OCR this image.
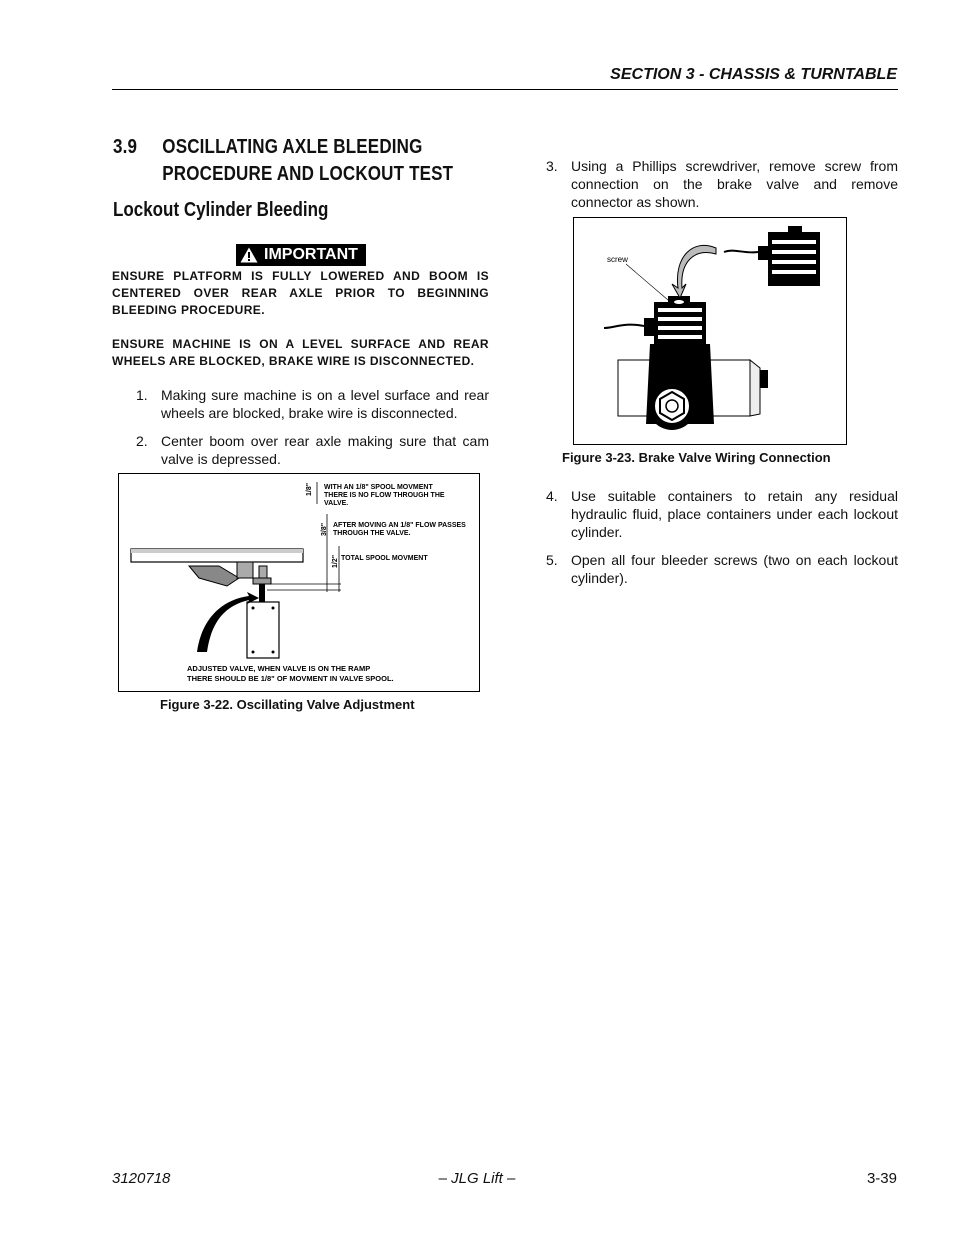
SECTION 3 - CHASSIS & TURNTABLE
3.9 OSCILLATING AXLE BLEEDING
PROCEDURE AND LOCKOUT TEST
Lockout Cylinder Bleeding
IMPORTANT
ENSURE PLATFORM IS FULLY LOWERED AND BOOM IS CENTERED OVER REAR AXLE PRIOR TO BEGINNING BLEEDING PROCEDURE.
ENSURE MACHINE IS ON A LEVEL SURFACE AND REAR WHEELS ARE BLOCKED, BRAKE WIRE IS DISCONNECTED.
1. Making sure machine is on a level surface and rear wheels are blocked, brake wire is disconnected.
2. Center boom over rear axle making sure that cam valve is depressed.
1/8"
3/8"
1/2"
WITH AN 1/8" SPOOL MOVMENT
THERE IS NO FLOW THROUGH THE
VALVE.
AFTER MOVING AN 1/8" FLOW PASSES
THROUGH THE VALVE.
TOTAL SPOOL MOVMENT
ADJUSTED VALVE, WHEN VALVE IS ON THE RAMP
THERE SHOULD BE 1/8" OF MOVMENT IN VALVE SPOOL.
Figure 3-22. Oscillating Valve Adjustment
3. Using a Phillips screwdriver, remove screw from connection on the brake valve and remove connector as shown.
screw
Figure 3-23. Brake Valve Wiring Connection
4. Use suitable containers to retain any residual hydraulic fluid, place containers under each lockout cylinder.
5. Open all four bleeder screws (two on each lockout cylinder).
3120718	– JLG Lift –	3-39
